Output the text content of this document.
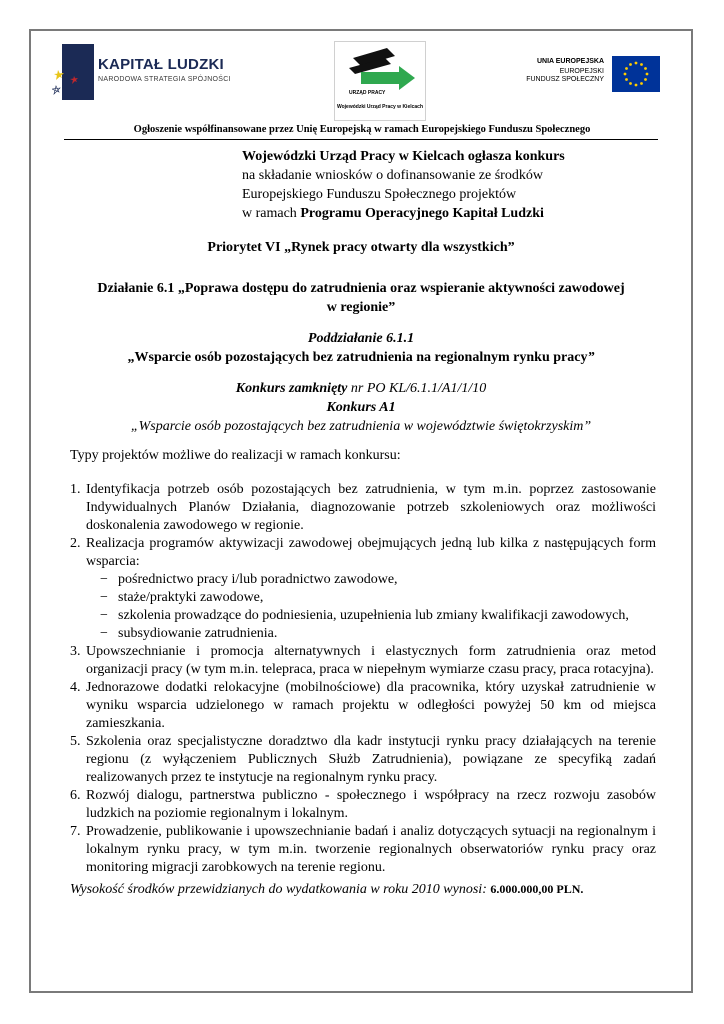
KAPITAŁ LUDZKI
NARODOWA STRATEGIA SPÓJNOŚCI
URZĄD PRACY
Wojewódzki Urząd Pracy w Kielcach
UNIA EUROPEJSKA
EUROPEJSKI
FUNDUSZ SPOŁECZNY
Ogłoszenie współfinansowane przez Unię Europejską w ramach Europejskiego Funduszu Społecznego
Wojewódzki Urząd Pracy w Kielcach ogłasza konkurs
na składanie wniosków o dofinansowanie ze środków
Europejskiego Funduszu Społecznego projektów
w ramach Programu Operacyjnego Kapitał Ludzki
Priorytet VI „Rynek pracy otwarty dla wszystkich”
Działanie 6.1 „Poprawa dostępu do zatrudnienia oraz wspieranie aktywności zawodowej
w regionie”
Poddziałanie 6.1.1
„Wsparcie osób pozostających bez zatrudnienia na regionalnym rynku pracy”
Konkurs zamknięty nr PO KL/6.1.1/A1/1/10
Konkurs A1
„Wsparcie osób pozostających bez zatrudnienia w województwie świętokrzyskim”
Typy projektów możliwe do realizacji w ramach konkursu:
1. Identyfikacja potrzeb osób pozostających bez zatrudnienia, w tym m.in. poprzez zastosowanie Indywidualnych Planów Działania, diagnozowanie potrzeb szkoleniowych oraz możliwości doskonalenia zawodowego w regionie.
2. Realizacja programów aktywizacji zawodowej obejmujących jedną lub kilka z następujących form wsparcia:
− pośrednictwo pracy i/lub poradnictwo zawodowe,
− staże/praktyki zawodowe,
− szkolenia prowadzące do podniesienia, uzupełnienia lub zmiany kwalifikacji zawodowych,
− subsydiowanie zatrudnienia.
3. Upowszechnianie i promocja alternatywnych i elastycznych form zatrudnienia oraz metod organizacji pracy (w tym m.in. telepraca, praca w niepełnym wymiarze czasu pracy, praca rotacyjna).
4. Jednorazowe dodatki relokacyjne (mobilnościowe) dla pracownika, który uzyskał zatrudnienie w wyniku wsparcia udzielonego w ramach projektu w odległości powyżej 50 km od miejsca zamieszkania.
5. Szkolenia oraz specjalistyczne doradztwo dla kadr instytucji rynku pracy działających na terenie regionu (z wyłączeniem Publicznych Służb Zatrudnienia), powiązane ze specyfiką zadań realizowanych przez te instytucje na regionalnym rynku pracy.
6. Rozwój dialogu, partnerstwa publiczno - społecznego i współpracy na rzecz rozwoju zasobów ludzkich na poziomie regionalnym i lokalnym.
7. Prowadzenie, publikowanie i upowszechnianie badań i analiz dotyczących sytuacji na regionalnym i lokalnym rynku pracy, w tym m.in. tworzenie regionalnych obserwatoriów rynku pracy oraz monitoring migracji zarobkowych na terenie regionu.
Wysokość środków przewidzianych do wydatkowania w roku 2010 wynosi: 6.000.000,00 PLN.
